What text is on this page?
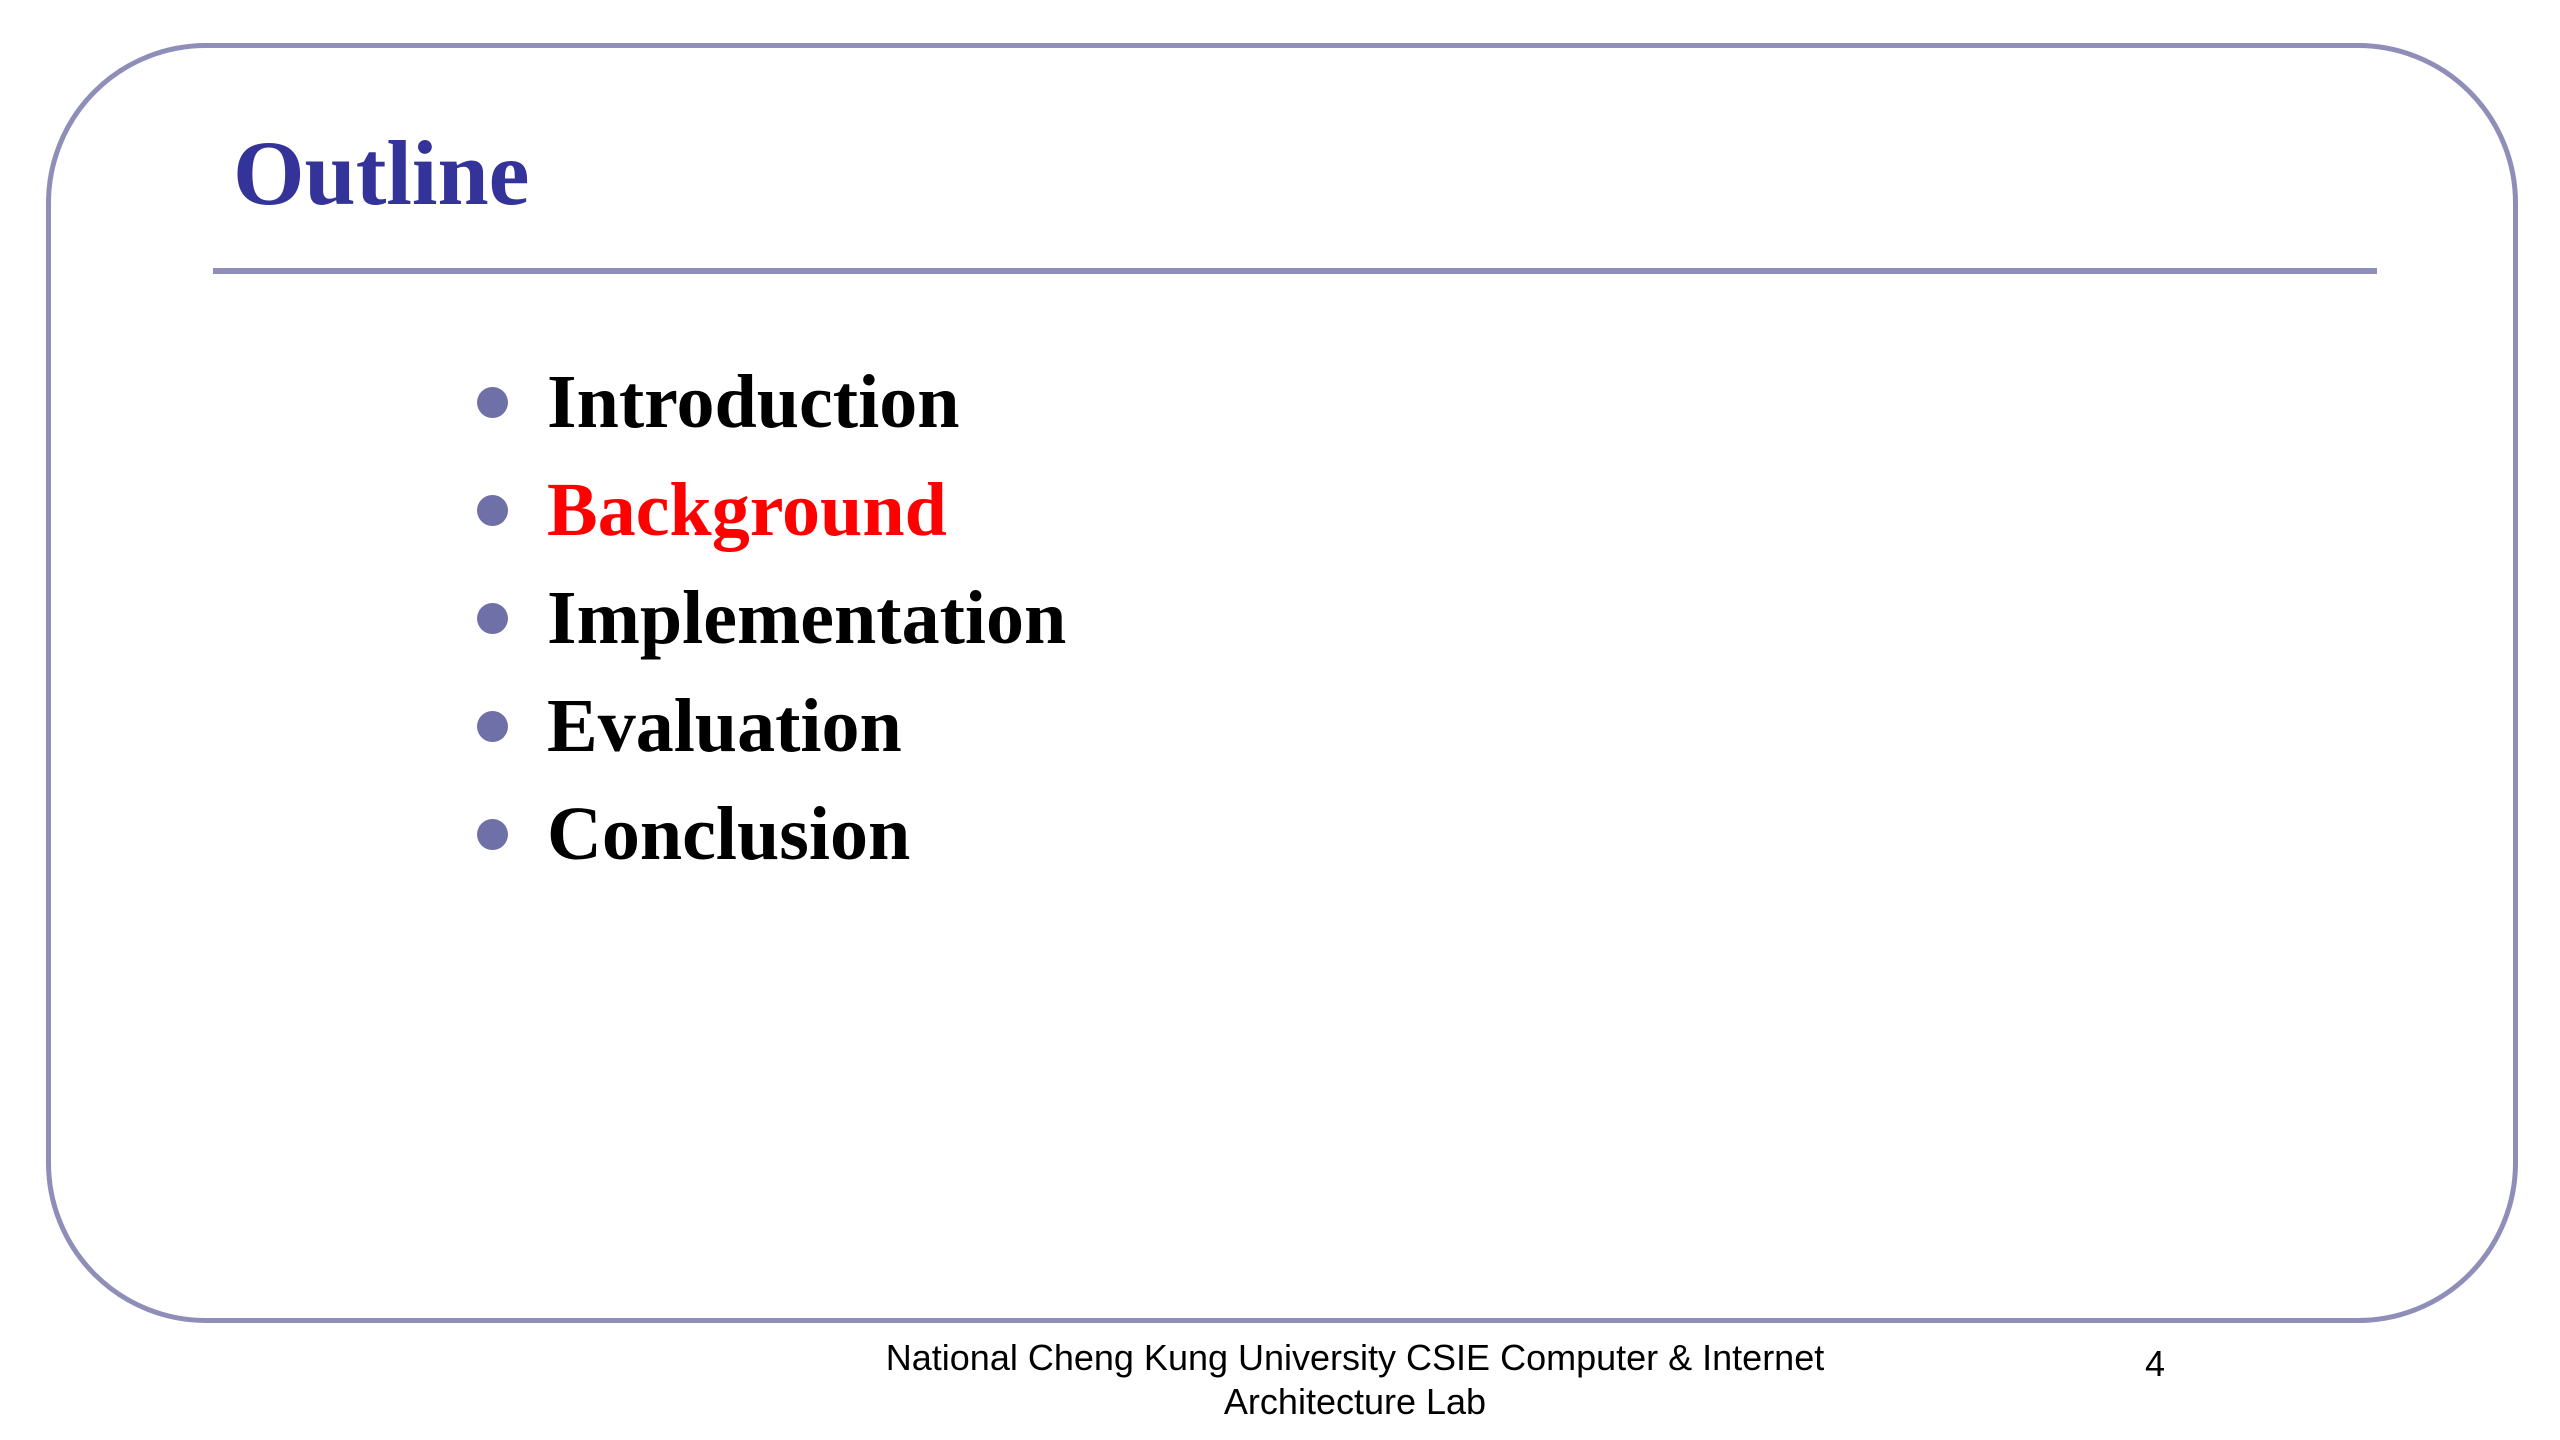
Outline
Introduction
Background
Implementation
Evaluation
Conclusion
National Cheng Kung University CSIE Computer & Internet
Architecture Lab
4
